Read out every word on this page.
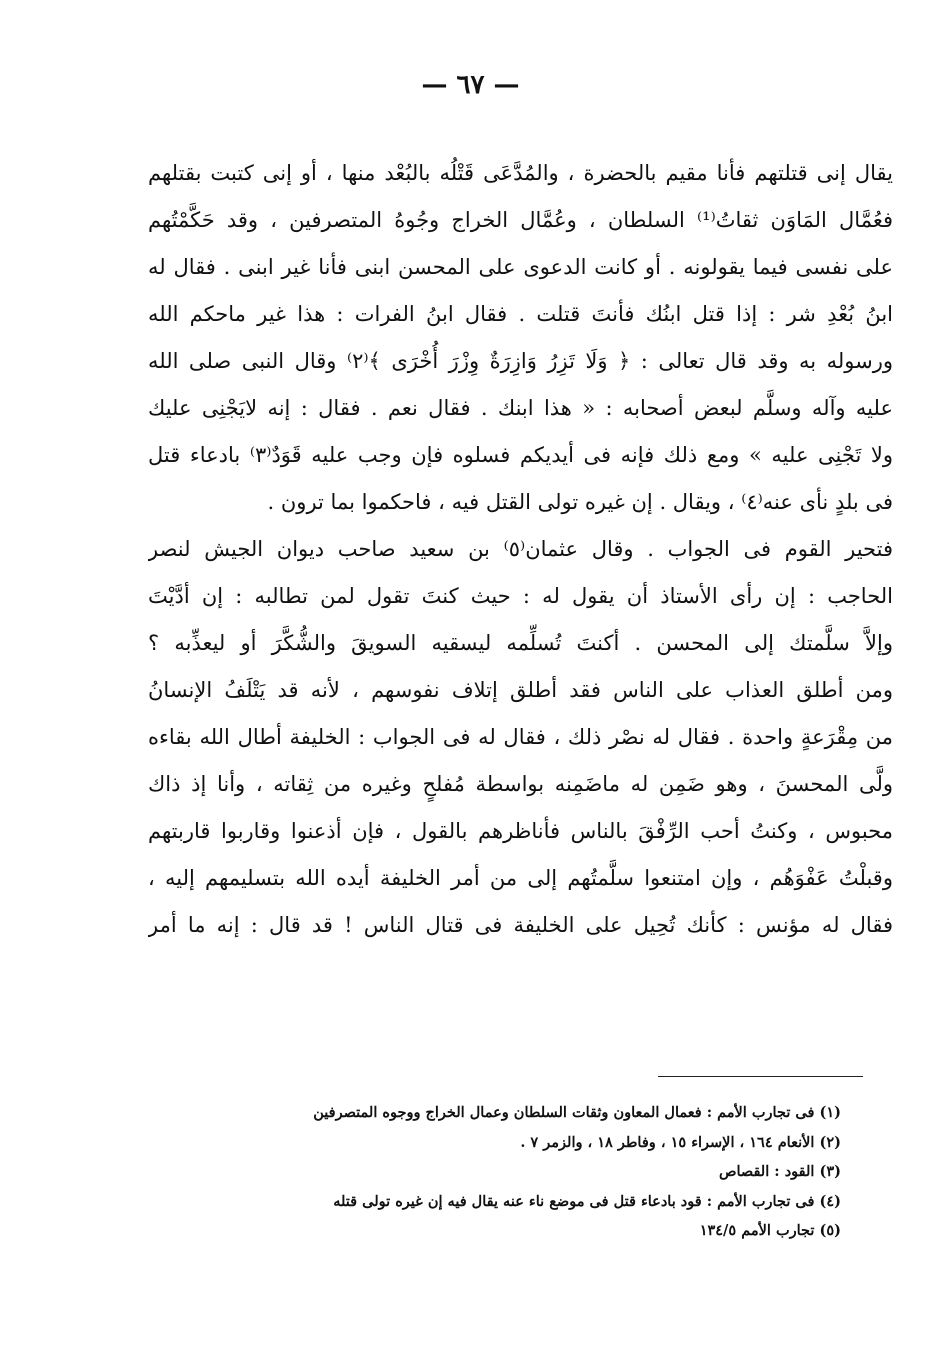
— ٦٧ —
يقال إنى قتلتهم فأنا مقيم بالحضرة ، والمُدَّعَى قَتْلُه بالبُعْد منها ، أو إنى كتبت بقتلهم
فعُمَّال المَاوَن ثقاتُ⁽¹⁾ السلطان ، وعُمَّال الخراج وجُوهُ المتصرفين ، وقد حَكَّمْتُهم
على نفسى فيما يقولونه . أو كانت الدعوى على المحسن ابنى فأنا غير ابنى . فقال له
ابنُ بُعْدِ شر : إذا قتل ابنُك فأنتَ قتلت . فقال ابنُ الفرات : هذا غير ماحكم الله
ورسوله به وقد قال تعالى : ﴿ وَلَا تَزِرُ وَازِرَةٌ وِزْرَ أُخْرَى ﴾⁽٢⁾ وقال النبى صلى الله
عليه وآله وسلَّم لبعض أصحابه : « هذا ابنك . فقال نعم . فقال : إنه لايَجْنِى عليك
ولا تَجْنِى عليه » ومع ذلك فإنه فى أيديكم فسلوه فإن وجب عليه قَوَدٌ⁽٣⁾ بادعاء قتل
فى بلدٍ نأى عنه⁽٤⁾ ، ويقال . إن غيره تولى القتل فيه ، فاحكموا بما ترون .
فتحير القوم فى الجواب . وقال عثمان⁽٥⁾ بن سعيد صاحب ديوان الجيش لنصر
الحاجب : إن رأى الأستاذ أن يقول له : حيث كنتَ تقول لمن تطالبه : إن أدَّيْتَ
وإلاَّ سلَّمتك إلى المحسن . أكنتَ تُسلِّمه ليسقيه السويقَ والشُّكَّرَ أو ليعذِّبه ؟
ومن أطلق العذاب على الناس فقد أطلق إتلاف نفوسهم ، لأنه قد يَتْلَفُ الإنسانُ
من مِقْرَعةٍ واحدة . فقال له نصْر ذلك ، فقال له فى الجواب : الخليفة أطال الله بقاءه
ولَّى المحسنَ ، وهو ضَمِن له ماضَمِنه بواسطة مُفلحٍ وغيره من ثِقاته ، وأنا إذ ذاك
محبوس ، وكنتُ أحب الرِّفْقَ بالناس فأناظرهم بالقول ، فإن أذعنوا وقاربوا قاربتهم
وقبلْتُ عَفْوَهُم ، وإن امتنعوا سلَّمتُهم إلى من أمر الخليفة أيده الله بتسليمهم إليه ،
فقال له مؤنس : كأنك تُحِيل على الخليفة فى قتال الناس ! قد قال : إنه ما أمر
(١) فى تجارب الأمم : فعمال المعاون وثقات السلطان وعمال الخراج ووجوه المتصرفين
(٢) الأنعام ١٦٤ ، الإسراء ١٥ ، وفاطر ١٨ ، والزمر ٧ .
(٣) القود : القصاص
(٤) فى تجارب الأمم : قود بادعاء قتل فى موضع ناء عنه يقال فيه إن غيره تولى قتله
(٥) تجارب الأمم ١٣٤/٥
